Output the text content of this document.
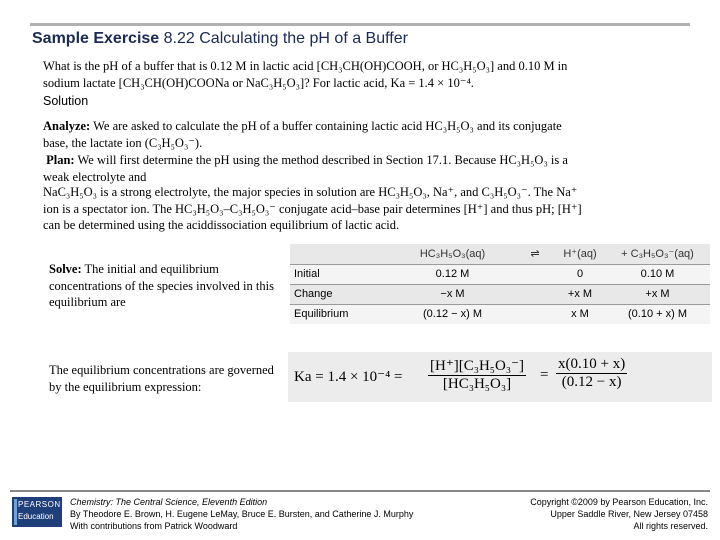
Sample Exercise 8.22 Calculating the pH of a Buffer
What is the pH of a buffer that is 0.12 M in lactic acid [CH₃CH(OH)COOH, or HC₃H₅O₃] and 0.10 M in
sodium lactate [CH₃CH(OH)COONa or NaC₃H₅O₃]? For lactic acid, Ka = 1.4 × 10⁻⁴.
Solution
Analyze: We are asked to calculate the pH of a buffer containing lactic acid HC₃H₅O₃ and its conjugate
base, the lactate ion (C₃H₅O₃⁻).
Plan: We will first determine the pH using the method described in Section 17.1. Because HC₃H₅O₃ is a
weak electrolyte and
NaC₃H₅O₃ is a strong electrolyte, the major species in solution are HC₃H₅O₃, Na⁺, and C₃H₅O₃⁻. The Na⁺
ion is a spectator ion. The HC₃H₅O₃–C₃H₅O₃⁻ conjugate acid–base pair determines [H⁺] and thus pH; [H⁺]
can be determined using the aciddissociation equilibrium of lactic acid.
Solve: The initial and equilibrium concentrations of the species involved in this equilibrium are
	HC₃H₅O₃(aq)	⇌	H⁺(aq)	+ C₃H₅O₃⁻(aq)
Initial	0.12 M		0	0.10 M
Change	−x M		+x M	+x M
Equilibrium	(0.12 − x) M		x M	(0.10 + x) M
The equilibrium concentrations are governed by the equilibrium expression:
$Ka = 1.4 \times 10^{-4} = \frac{\text{[H⁺][C₃H₅O₃⁻]}}{\text{[HC₃H₅O₃]}} = \frac{x(0.10 + x)}{(0.12 - x)}$
PEARSON
Education
Chemistry: The Central Science, Eleventh Edition
By Theodore E. Brown, H. Eugene LeMay, Bruce E. Bursten, and Catherine J. Murphy
With contributions from Patrick Woodward
Copyright ©2009 by Pearson Education, Inc.
Upper Saddle River, New Jersey 07458
All rights reserved.
